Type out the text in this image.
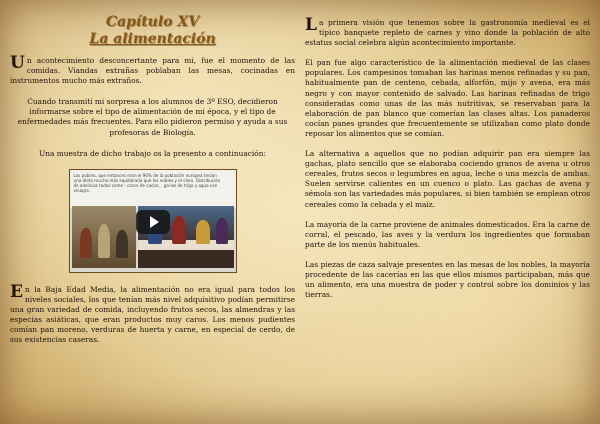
Capítulo XV
La alimentación

Un acontecimiento desconcertante para mí, fue el momento de las comidas. Viandas extrañas poblaban las mesas, cocinadas en instrumentos mucho más extraños.

Cuando transmití mi sorpresa a los alumnos de 3º ESO, decidieron informarse sobre el tipo de alimentación de mi época, y el tipo de enfermedades más frecuentes. Para ello pidieron permiso y ayuda a sus profesoras de Biología.

Una muestra de dicho trabajo os la presento a continuación:

Los pobres, que entonces eran el 90% de la población europea tenían una dieta mucho más equilibrada que los nobles y el clero. Distribución de adelicias todos come : carne de caciar, , ga-las de trigo y agua con vinagre.

En la Baja Edad Media, la alimentación no era igual para todos los niveles sociales, los que tenían más nivel adquisitivo podían permitirse una gran variedad de comida, incluyendo frutos secos, las almendras y las especias asiáticas, que eran productos muy caros. Los menos pudientes comían pan moreno, verduras de huerta y carne, en especial de cerdo, de sus existencias caseras.

La primera visión que tenemos sobre la gastronomía medieval es el típico banquete repleto de carnes y vino donde la población de alto estatus social celebra algún acontecimiento importante.

El pan fue algo característico de la alimentación medieval de las clases populares. Los campesinos tomaban las harinas menos refinadas y su pan, habitualmente pan de centeno, cebada, alforfón, mijo y avena, era más negro y con mayor contenido de salvado. Las harinas refinadas de trigo consideradas como unas de las más nutritivas, se reservaban para la elaboración de pan blanco que comerían las clases altas. Los panaderos cocían panes grandes que frecuentemente se utilizaban como plato donde reposar los alimentos que se comían.

La alternativa a aquellos que no podían adquirir pan era siempre las gachas, plato sencillo que se elaboraba cociendo granos de avena u otros cereales, frutos secos o legumbres en agua, leche o una mezcla de ambas. Suelen servirse calientes en un cuenco o plato. Las gachas de avena y sémola son las variedades más populares, si bien también se emplean otros cereales como la cebada y el maíz.

La mayoría de la carne proviene de animales domesticados. Era la carne de corral, el pescado, las aves y la verdura los ingredientes que formaban parte de los menús habituales.

Las piezas de caza salvaje presentes en las mesas de los nobles, la mayoría procedente de las cacerías en las que ellos mismos participaban, más que un alimento, era una muestra de poder y control sobre los dominios y las tierras.
